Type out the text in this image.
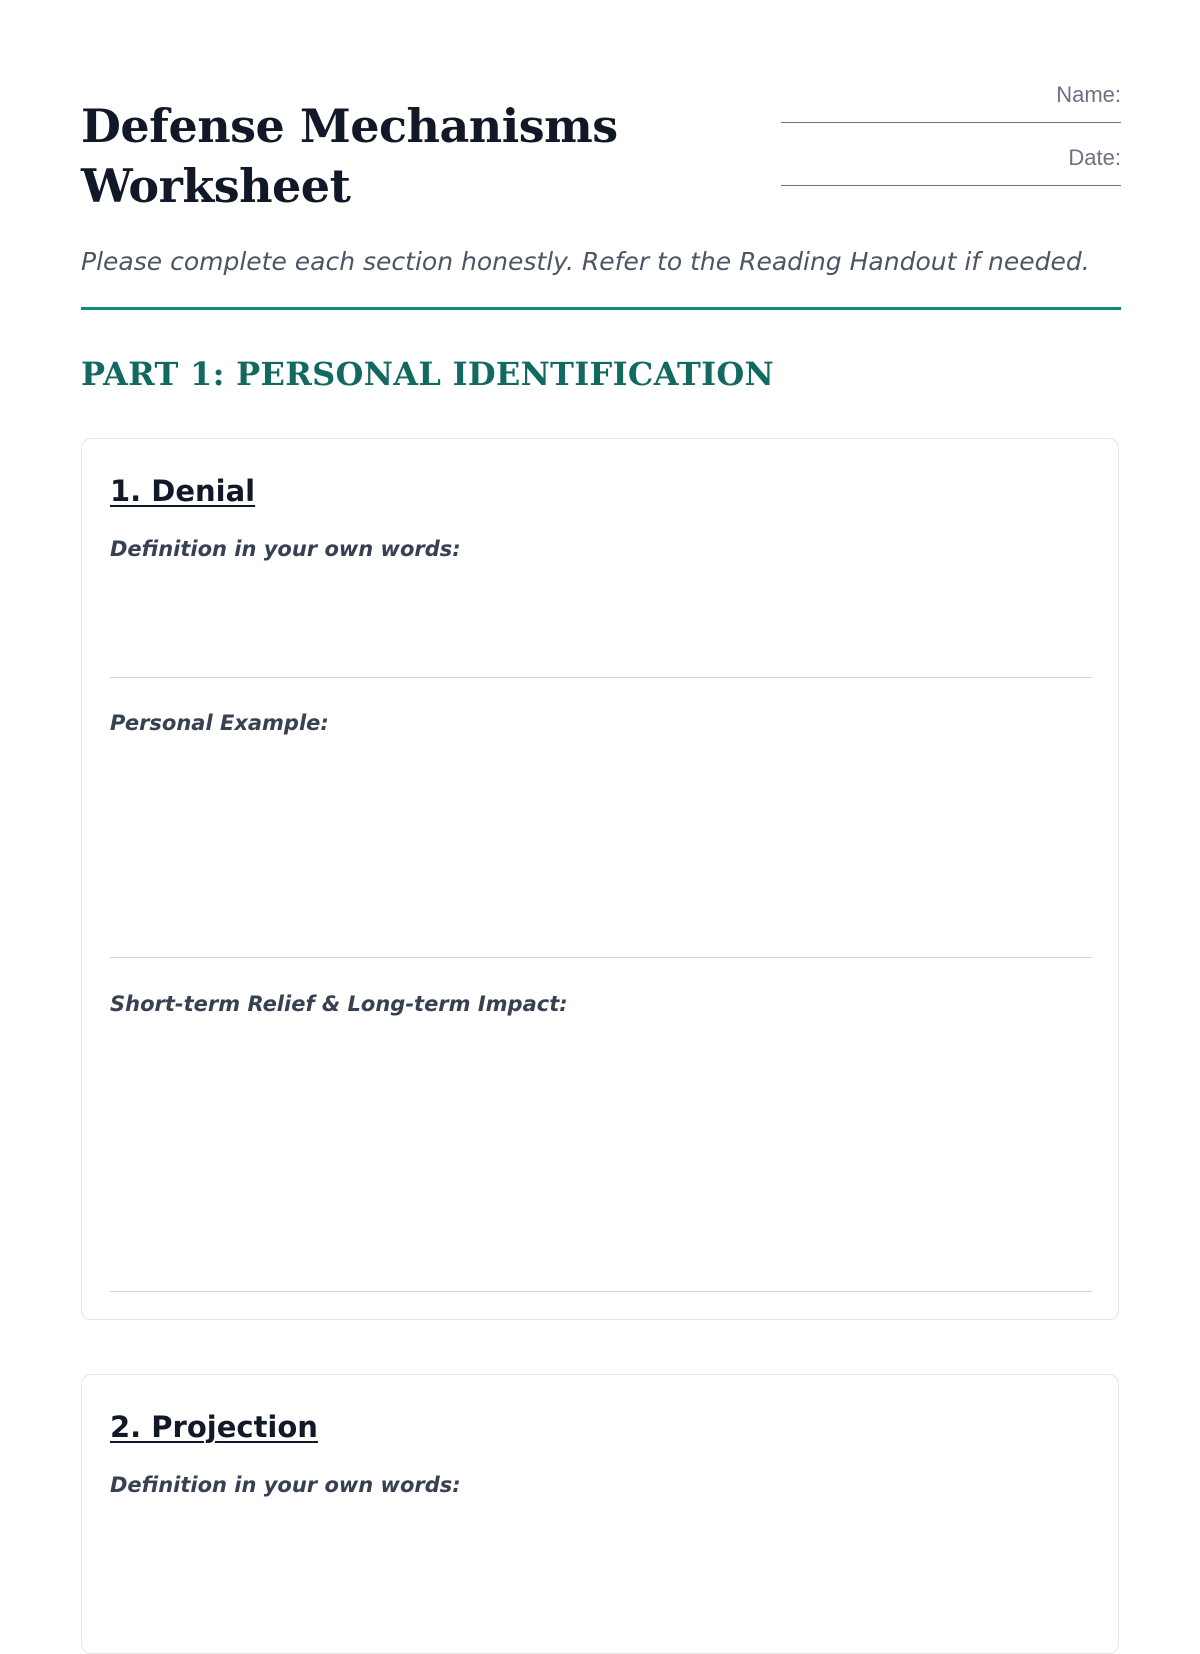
Defense Mechanisms
Worksheet
Name:
Date:

Please complete each section honestly. Refer to the Reading Handout if needed.

PART 1: PERSONAL IDENTIFICATION
1. Denial

Definition in your own words:

Personal Example:

Short-term Relief & Long-term Impact:

2. Projection

Definition in your own words:
